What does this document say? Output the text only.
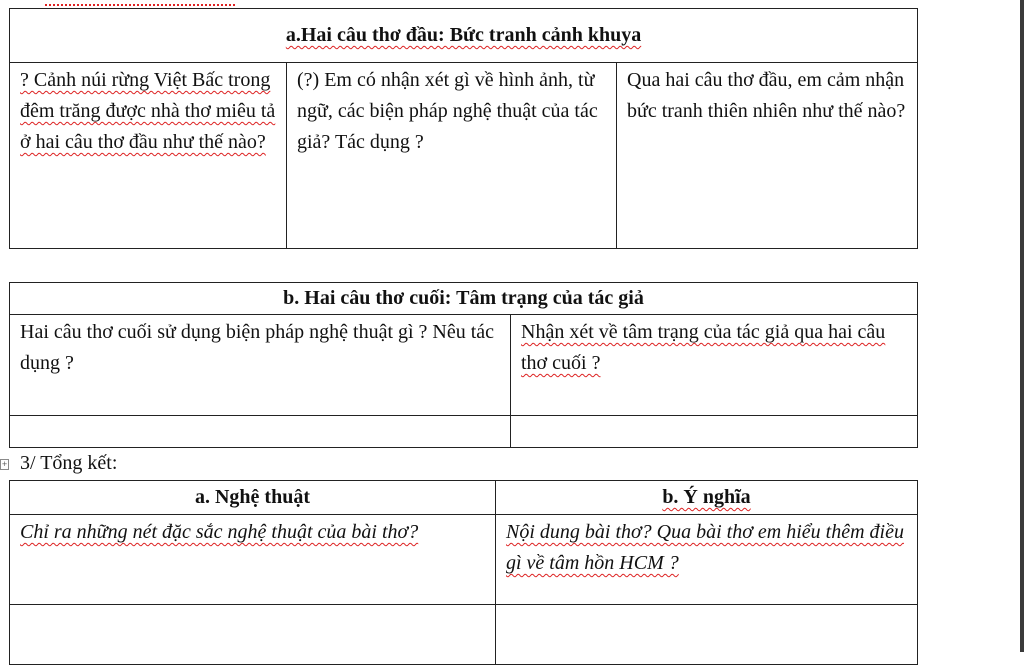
a.Hai câu thơ đầu: Bức tranh cảnh khuya
? Cảnh núi rừng Việt Bấc trong đêm trăng được nhà thơ miêu tả ở hai câu thơ đầu như thế nào?	(?) Em có nhận xét gì về hình ảnh, từ ngữ, các biện pháp nghệ thuật của tác giả? Tác dụng ?	Qua hai câu thơ đầu, em cảm nhận bức tranh thiên nhiên như thế nào?
b. Hai câu thơ cuối: Tâm trạng của tác giả	
Hai câu thơ cuối sử dụng biện pháp nghệ thuật gì ? Nêu tác dụng ?	Nhận xét về tâm trạng của tác giả qua hai câu thơ cuối ?

+ 3/ Tổng kết:
a. Nghệ thuật	b. Ý nghĩa
Chỉ ra những nét đặc sắc nghệ thuật của bài thơ?	Nội dung bài thơ? Qua bài thơ em hiểu thêm điều gì về tâm hồn HCM ?
